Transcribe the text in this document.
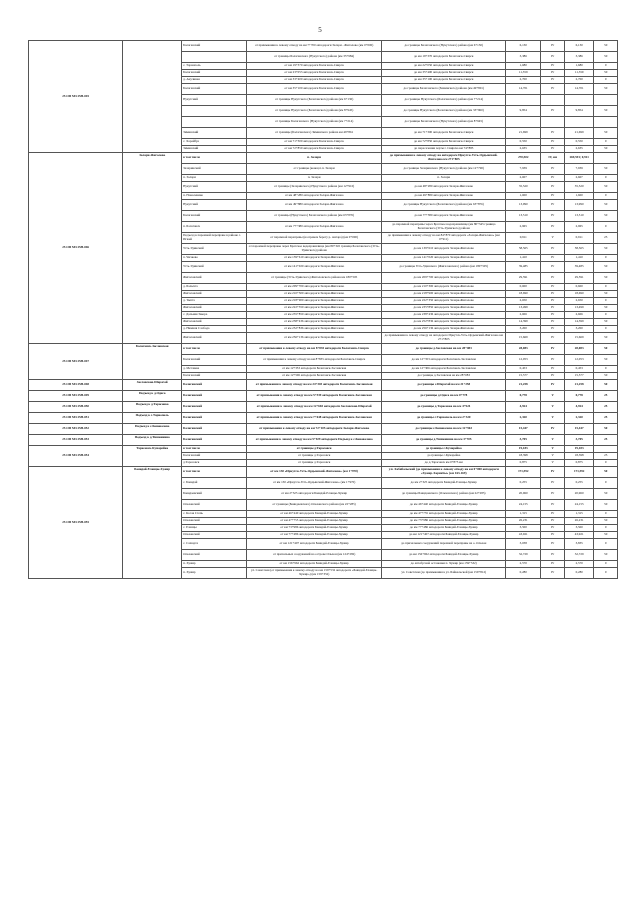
5
25 ОП МЗ 25Н-045		Балаганский	от примыкания к левому отводу на км 7+700 автодороги Залари - Жигалово (км 0+000)	до границы Балаганского (Нукутского) района (км 6+130)	6,130	IV	6,130	50
			от границы Балаганского (Нукутского) района (км 35+984)	до км 19+370 автодороги Балаганск-Свирск	3,386	IV	3,386	50
		с. Тарнополь	от км 19+370 автодороги Балаганск-Свирск	до км 22+050 автодороги Балаганск-Свирск	1,680	IV	1,680	0
		Балаганский	от км 23+053 автодороги Балаганск-Свирск	до км 35+400 автодороги Балаганск-Свирск	11,359	IV	11,359	50
		д. Анучинка	от км 33+400 автодороги Балаганск-Свирск	до км 35+100 автодороги Балаганск-Свирск	2,700	IV	2,700	0
		Балаганский	от км 35+100 автодороги Балаганск-Свирск	до границы Балаганского (Зиминского) района (км 49+801)	14,701	IV	14,701	50
		Нукутский	от границы Нукутского (Балаганского) района (км 6+130)	до границы Нукутского (Балаганского) района (км 7+214)				
			от границы Нукутского (Балаганского) района (км 8+945)	до границы Нукутского (Балаганского) района (км 33+960)	9,854	IV	9,854	50
			от границы Балаганского (Нукутского) района (км 7+214)	до границы Балаганского (Нукутского) района (км 8+945)				
		Зиминский	от границы (Балаганского) Зиминского района км 49+861	до км 71+300 автодороги Балаганск-Свирск	21,699	IV	21,699	50
		с. Харайбуе	от км 71+300 автодороги Балаганск-Свирск	до км 72+850 автодороги Балаганск-Свирск	0,550	IV	0,550	0
		Зиминский	от км 72+850 автодороги Балаганск-Свирск	до пересечения черты г. Свирска км 74+885	2,635	IV	2,635	50
25 ОП МЗ 25Н-046	Залари-Жигалово	в том числе	п. Залари	до примыкания к левому отводу на автодороге Иркутск-Усть-Ордынский-Жигалово км 271+805	270,502	IV, нм	269,591; 0,911	
		Заларинский	от границы (конец п.п. Залари	до границы Заларинского (Нукутского) района (км 12+790)	7,939	IV	7,939	50
		п. Залари	п. Залари	п. Залари	2,607	IV	2,607	0
		Нукутский	от границы (Заларинского) Нукутского района (км 12+910)	до км 48+280 автодороги Залари-Жигалово	35,520	IV	35,520	50
		п. Новоленино	от км 48+280 автодороги Залари-Жигалово	до км 49+880 автодороги Залари-Жигалово	1,600	IV	1,600	0
		Нукутский	от км 49+880 автодороги Залари-Жигалово	до границы Нукутского (Балаганского) района (км 63+876)	13,990	IV	13,990	50
		Балаганский	от границы (Нукутского) Балаганского района (км 63+876)	до км 77+380 автодороги Залари-Жигалово	13,510	IV	13,510	50
		п. Балаганск	от км 77+380 автодороги Залари-Жигалово	до паромной переправы через Братское водохранилище (км 80+345 граница Балаганского (Усть-Удинского) района	2,965	IV	2,965	0
		Подъезд к паромной переправе в районе с. Игжей	от паромной переправы (на правом берегу р. Ангара) (км 0+000)	до примыкания к левому отводу на км 84+870 автодороги «Залари-Жигалово» (км 0+911)	0,911	V	0,911	25
		Усть-Удинский	от паромной переправы через Братское водохранилище (км 80+345 граница Балаганского (Усть-Удинского) района	до км 139+610 автодороги Залари-Жигалово	58,565	IV	58,565	50
		п. Чичково	от км 139+610 автодороги Залари-Жигалово	до км 141+020 автодороги Залари-Жигалово	1,410	IV	1,410	0
		Усть-Удинский	от км 141+020 автодороги Залари-Жигалово	до границы Усть-Удинского (Жигаловского) района (км 180+505)	39,485	IV	39,485	50
		Жигаловский	от границы (Усть-Удинского) Жигаловского района км 180+505	до км 209+700 автодороги Залари-Жигалово	29,591	IV	29,591	50
		д. Балыхта	от км 209+700 автодороги Залари-Жигалово	до км 210+300 автодороги Залари-Жигалово	0,600	IV	0,600	0
		Жигаловский	от км 210+300 автодороги Залари-Жигалово	до км 218+900 автодороги Залари-Жигалово	18,690	IV	18,690	50
		д. Тыпта	от км 218+900 автодороги Залари-Жигалово	до км 222+350 автодороги Залари-Жигалово	2,650	IV	2,650	0
		Жигаловский	от км 222+350 автодороги Залари-Жигалово	до км 235+850 автодороги Залари-Жигалово	13,499	IV	13,499	50
		с. Дальняя Закора	от км 235+850 автодороги Залари-Жигалово	до км 238+436 автодороги Залари-Жигалово	2,606	IV	2,606	0
		Жигаловский	от км 238+436 автодороги Залари-Жигалово	до км 252+836 автодороги Залари-Жигалово	14,399	IV	14,399	50
		д. Нижняя Слобода	от км 252+836 автодороги Залари-Жигалово	до км 256+136 автодороги Залари-Жигалово	3,200	IV	3,200	0
		Жигаловский	от км 256+136 автодороги Залари-Жигалово	до примыкания к левому отводу на автодороге Иркутск-Усть-Ордынский-Жигалово км 271+805	15,669	IV	15,669	50
25 ОП МЗ 25Н-047	Балаганск-Заславская	в том числе	от примыкания к левому отводу на км 8+835 автодороги Балаганск-Свирск	до границы д.Заславская на км 28+083	28,083	IV	28,083	50
		Балаганский	от примыкания к левому отводу на км 8+835 автодороги Балаганск-Свирск	до км 12+353 автодороги Балаганск-Заславская	12,053	IV	12,053	50
		д. Метляева	от км 12+353 автодороги Балаганск-Заславская	до км 12+306 автодороги Балаганск-Заславская	0,453	IV	0,453	0
		Балаганский	от км 12+506 автодороги Балаганск-Заславская	до границы д.Заславская на км 28+083	15,577	IV	15,577	50
25 ОП МЗ 25Н-048	Заславская-Шарагай	Балаганский	от примыкания к левому отводу на км 24+303 автодороги Балаганск-Заславская	до границы с.Шарагай на км 21+258	21,258	IV	21,258	50
25 ОП МЗ 25Н-049	Подъезд к д.Одиса	Балаганский	от примыкания к левому отводу на км 5+539 автодороги Балаганск-Заславская	до границы д.Одиса на км 0+778	0,778	V	0,778	25
25 ОП МЗ 25Н-050	Подъезд к д.Тарасовка	Балаганский	от примыкания к левому отводу на км 12+665 автодороги Заславская-Шарагай	до границы д.Тарасовка на км 4+924	4,924	V	4,924	25
25 ОП МЗ 25Н-051	Подъезд к с.Тарнополь	Балаганский	от примыкания к левому отводу на км 7+648 автодороги Балаганск-Заславская	до границы с.Тарнополь на км 2+320	2,320	V	2,320	25
25 ОП МЗ 25Н-052	Подъезд к с.Коновалово	Балаганский	от примыкания к левому отводу на км 72+105 автодороги Залари-Жигалово	до границы с.Коновалово на км 12+963	15,447	IV	15,447	50
25 ОП МЗ 25Н-053	Подъезд к д.Тишкинина	Балаганский	от примыкания к левому отводу на км 5+929 автодороги Подъезд к с.Коновалово	до границы д.Тишкинина на км 3+705	3,705	V	3,705	25
25 ОП МЗ 25Н-054	Тарасовск-Кумарейка	в том числе	от границы д.Тарасовск	до границы с.Кумарейка	19,183	V	19,183	
		Балаганский	от границы д.Тарасовск	до границы с.Кумарейка	18,398	V	18,398	25
		д.Тарасовск	от границы д.Тарасовск	до д.Тарасовск км 0+875 км	0,875	V	0,875	0
25 ОП МЗ 25Н-055	Баяндай-Еланцы-Хужир	в том числе	от км 130 «Иркутск-Усть-Ордынский-Жигалово» (км 1+970)	у.п. Хабибальский (до примыкания к левому отводу на км 0+000 автодороги «Хужир-Харинты» (км 163-169)	171,592	IV	171,592	50
		с. Баяндай	от км 130 «Иркутск-Усть-Ордынский-Жигалово» (км 1+970)	до км 2+325 автодороги Баяндай-Еланцы-Хужир	0,255	IV	0,255	0
		Баяндаевский	от км 2+325 автодороги Баяндай-Еланцы-Хужир	до границы Баяндаевского (Ольхонского) района (км 22+285)	20,960	IV	20,960	50
		Ольхонский	от границы (Баяндаевского) Ольхонского района (км 22+285)	до км 46+440 автодороги Баяндай-Еланцы-Хужир	24,155	IV	24,155	50
		с. Косая Степь	от км 46+440 автодороги Баяндай-Еланцы-Хужир	до км 47+755 автодороги Баяндай-Еланцы-Хужир	1,315	IV	1,315	0
		Ольхонский	от км 47+755 автодороги Баяндай-Еланцы-Хужир	до км 73+986 автодороги Баяндай-Еланцы-Хужир	26,231	IV	26,231	50
		с. Еланцы	от км 73+986 автодороги Баяндай-Еланцы-Хужир	до км 77+486 автодороги Баяндай-Еланцы-Хужир	3,500	IV	3,500	0
		Ольхонский	от км 77+486 автодороги Баяндай-Еланцы-Хужир	до км 121+407 автодороги Баяндай-Еланцы-Хужир	43,921	IV	43,921	50
		с. Сахюрта	от км 121+407 автодороги Баяндай-Еланцы-Хужир	до причальных сооружений паромной переправы на о. Ольхон	3,038	IV	3,835	0
		Ольхонский	от причальных сооружений на острове Ольхон (км 124+282)	до км 156+962 автодороги Баяндай-Еланцы-Хужир	32,729	IV	32,729	50
		п. Хужир	от км 156+962 автодороги Баяндай-Еланцы-Хужир	до автобусной остановки п. Хужир (км 159+532)	2,570	IV	2,570	0
		п. Хужир	ул. Советская (от примыкания к левому отводу на км 159+532 автодороги «Баяндай-Еланцы-Хужир») (км 159+352)	ул. Советская (до примыкания к ул. Байкальской (км 159+812)	0,280	IV	0,280	0
